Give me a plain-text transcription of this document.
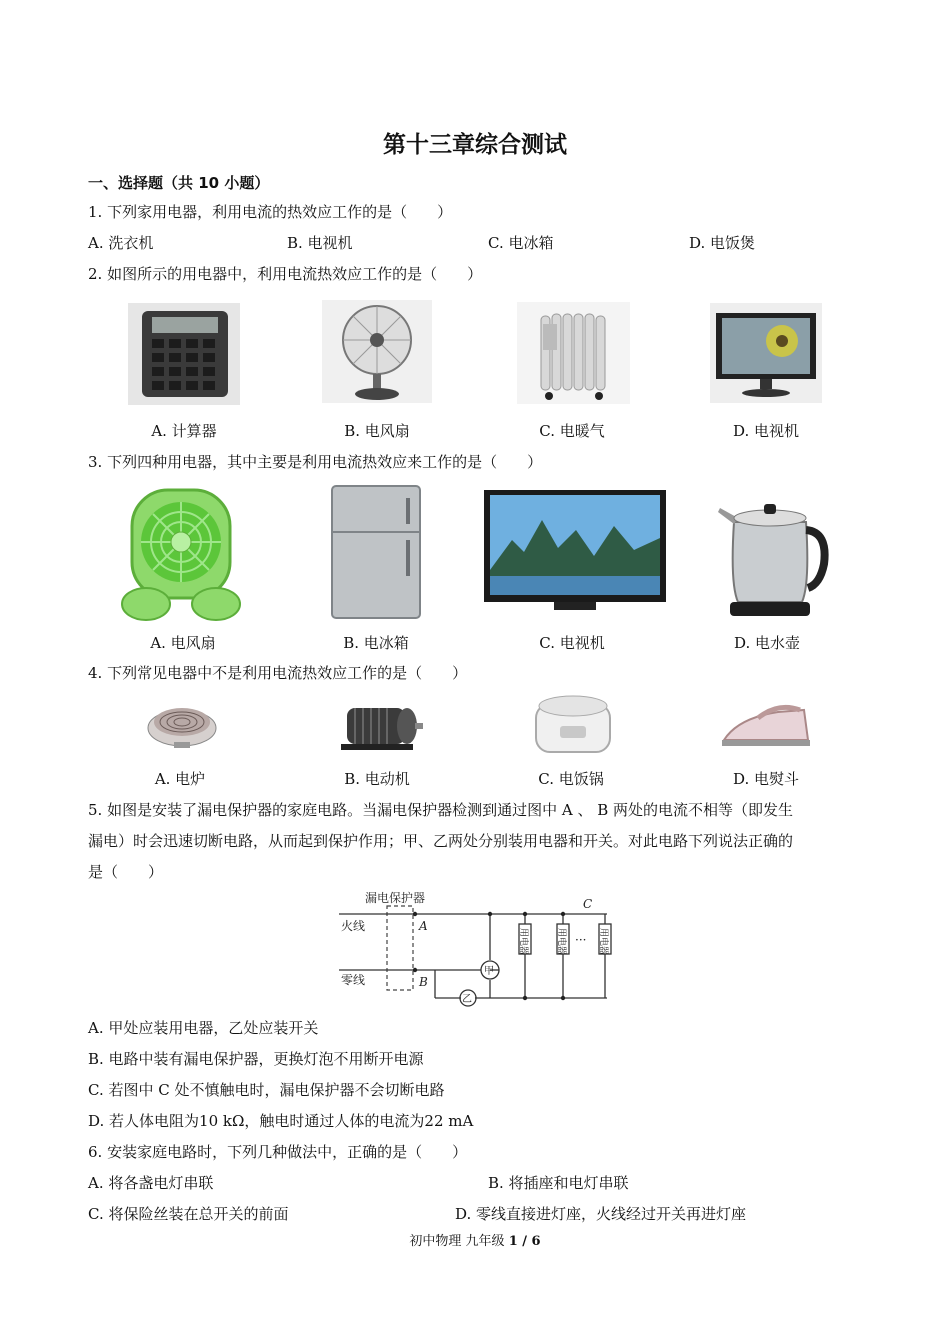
第十三章综合测试
一、选择题（共 10 小题）
1. 下列家用电器，利用电流的热效应工作的是（　　）
A. 洗衣机	B. 电视机	C. 电冰箱	D. 电饭煲
2. 如图所示的用电器中，利用电流热效应工作的是（　　）
A. 计算器	B. 电风扇	C. 电暖气	D. 电视机
3. 下列四种用电器，其中主要是利用电流热效应来工作的是（　　）
A. 电风扇	B. 电冰箱	C. 电视机	D. 电水壶
4. 下列常见电器中不是利用电流热效应工作的是（　　）
A. 电炉	B. 电动机	C. 电饭锅	D. 电熨斗
5. 如图是安装了漏电保护器的家庭电路。当漏电保护器检测到通过图中 A 、 B 两处的电流不相等（即发生
漏电）时会迅速切断电路，从而起到保护作用；甲、乙两处分别装用电器和开关。对此电路下列说法正确的
是（　　）
漏电保护器
火线
零线
A
B
C
甲
乙
用电器	用电器	用电器
···
A. 甲处应装用电器，乙处应装开关
B. 电路中装有漏电保护器，更换灯泡不用断开电源
C. 若图中 C 处不慎触电时，漏电保护器不会切断电路
D. 若人体电阻为10 kΩ，触电时通过人体的电流为22 mA
6. 安装家庭电路时，下列几种做法中，正确的是（　　）
A. 将各盏电灯串联	B. 将插座和电灯串联
C. 将保险丝装在总开关的前面	D. 零线直接进灯座，火线经过开关再进灯座
初中物理 九年级 1 / 6
